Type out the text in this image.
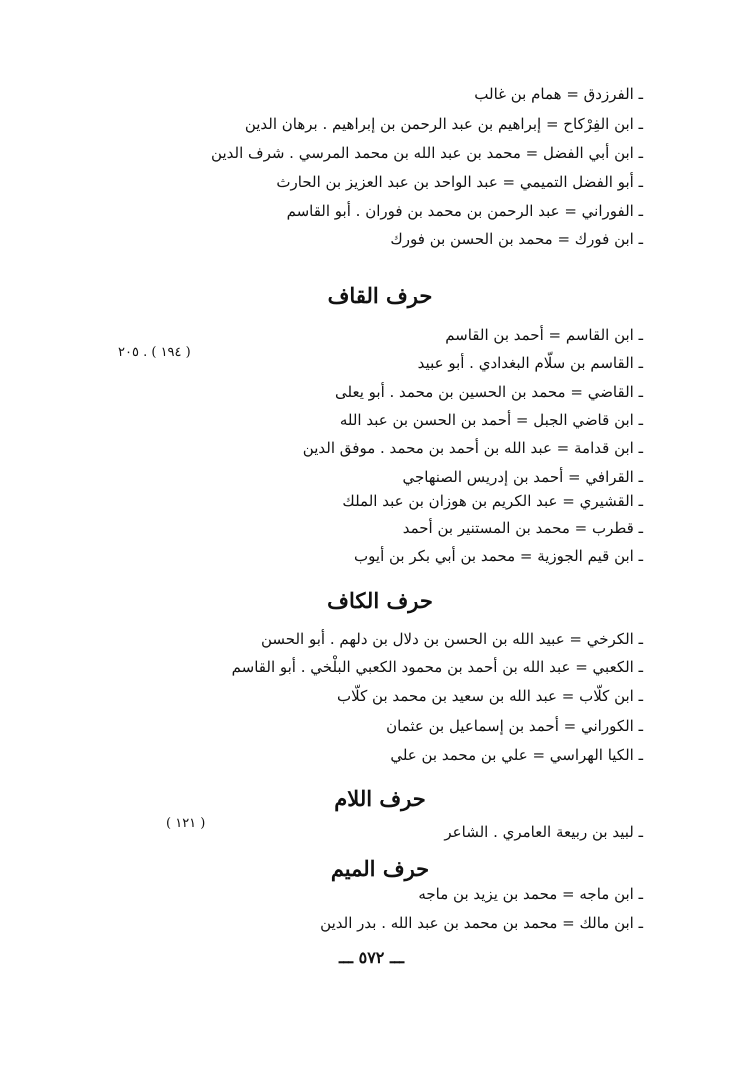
ـ الفرزدق = همام بن غالب
ـ ابن الفِرْكاح = إبراهيم بن عبد الرحمن بن إبراهيم . برهان الدين
ـ ابن أبي الفضل = محمد بن عبد الله بن محمد المرسي . شرف الدين
ـ أبو الفضل التميمي = عبد الواحد بن عبد العزيز بن الحارث
ـ الفوراني = عبد الرحمن بن محمد بن فوران . أبو القاسم
ـ ابن فورك = محمد بن الحسن بن فورك
حرف القاف
( ١٩٤ ) . ٢٠٥
ـ ابن القاسم = أحمد بن القاسم
ـ القاسم بن سلّام البغدادي . أبو عبيد
ـ القاضي = محمد بن الحسين بن محمد . أبو يعلى
ـ ابن قاضي الجبل = أحمد بن الحسن بن عبد الله
ـ ابن قدامة = عبد الله بن أحمد بن محمد . موفق الدين
ـ القرافي = أحمد بن إدريس الصنهاجي
ـ القشيري = عبد الكريم بن هوزان بن عبد الملك
ـ قطرب = محمد بن المستنير بن أحمد
ـ ابن قيم الجوزية = محمد بن أبي بكر بن أيوب
حرف الكاف
ـ الكرخي = عبيد الله بن الحسن بن دلال بن دلهم . أبو الحسن
ـ الكعبي = عبد الله بن أحمد بن محمود الكعبي البلْخي . أبو القاسم
ـ ابن كلّاب = عبد الله بن سعيد بن محمد بن كلّاب
ـ الكوراني = أحمد بن إسماعيل بن عثمان
ـ الكيا الهراسي = علي بن محمد بن علي
حرف اللام
( ١٢١ )	ـ لبيد بن ربيعة العامري . الشاعر
حرف الميم
ـ ابن ماجه = محمد بن يزيد بن ماجه
ـ ابن مالك = محمد بن محمد بن عبد الله . بدر الدين
ـــ ٥٧٢ ـــ
